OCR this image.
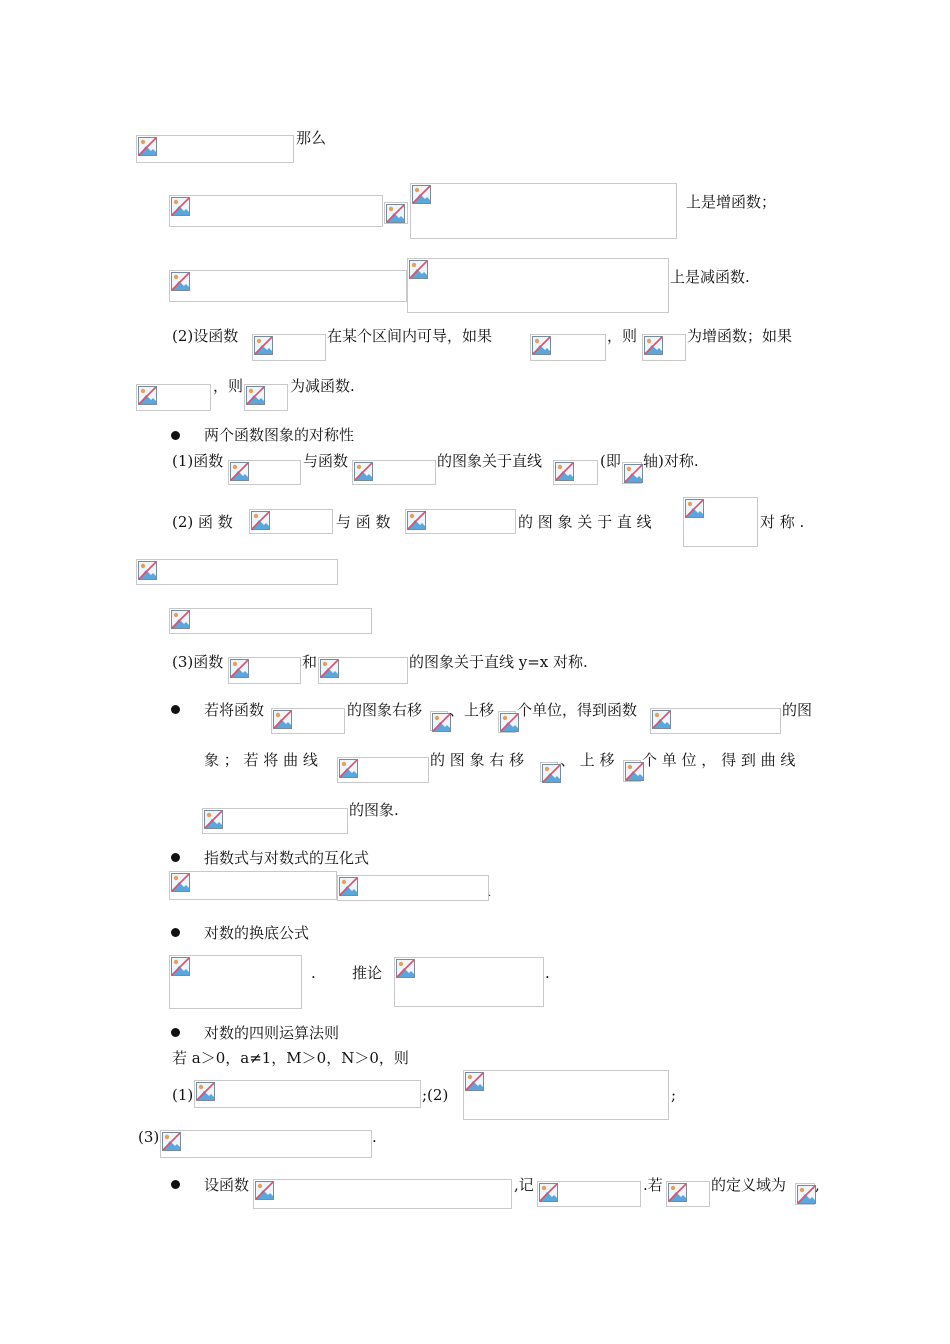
那么
上是增函数；
上是减函数.
(2)设函数	在某个区间内可导，如果	，则	为增函数；如果
，则	为减函数.
两个函数图象的对称性
(1)函数	与函数	的图象关于直线	(即 轴)对称.
(2) 函 数	与 函 数	的 图 象 关 于 直 线	对 称 .
(3)函数	和	的图象关于直线 y=x 对称.
若将函数	的图象右移 、上移 个单位，得到函数	的图
象 ； 若 将 曲 线	的 图 象 右 移 、 上 移 个 单 位 ， 得 到 曲 线
的图象.
指数式与对数式的互化式
.
对数的换底公式
. 推论	.
对数的四则运算法则
若 a＞0，a≠1，M＞0，N＞0，则
(1)	;(2)	;
(3)	.
设函数	,记	.若	的定义域为 ,
